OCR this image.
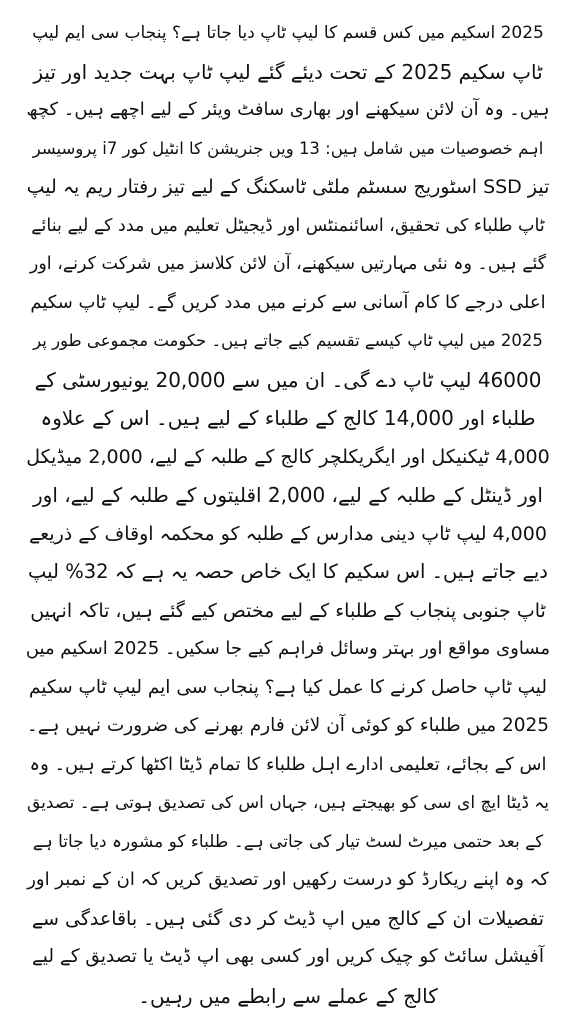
2025 اسکیم میں کس قسم کا لیپ ٹاپ دیا جاتا ہے؟ پنجاب سی ایم لیپ
ٹاپ سکیم 2025 کے تحت دیئے گئے لیپ ٹاپ بہت جدید اور تیز
ہیں۔ وہ آن لائن سیکھنے اور بھاری سافٹ ویئر کے لیے اچھے ہیں۔ کچھ
اہم خصوصیات میں شامل ہیں: 13 ویں جنریشن کا انٹیل کور i7 پروسیسر
تیز SSD اسٹوریج سسٹم ملٹی ٹاسکنگ کے لیے تیز رفتار ریم یہ لیپ
ٹاپ طلباء کی تحقیق، اسائنمنٹس اور ڈیجیٹل تعلیم میں مدد کے لیے بنائے
گئے ہیں۔ وہ نئی مہارتیں سیکھنے، آن لائن کلاسز میں شرکت کرنے، اور
اعلی درجے کا کام آسانی سے کرنے میں مدد کریں گے۔ لیپ ٹاپ سکیم
2025 میں لیپ ٹاپ کیسے تقسیم کیے جاتے ہیں۔ حکومت مجموعی طور پر
46000 لیپ ٹاپ دے گی۔ ان میں سے 20,000 یونیورسٹی کے
طلباء اور 14,000 کالج کے طلباء کے لیے ہیں۔ اس کے علاوہ
4,000 ٹیکنیکل اور ایگریکلچر کالج کے طلبہ کے لیے، 2,000 میڈیکل
اور ڈینٹل کے طلبہ کے لیے، 2,000 اقلیتوں کے طلبہ کے لیے، اور
4,000 لیپ ٹاپ دینی مدارس کے طلبہ کو محکمہ اوقاف کے ذریعے
دیے جاتے ہیں۔ اس سکیم کا ایک خاص حصہ یہ ہے کہ 32% لیپ
ٹاپ جنوبی پنجاب کے طلباء کے لیے مختص کیے گئے ہیں، تاکہ انہیں
مساوی مواقع اور بہتر وسائل فراہم کیے جا سکیں۔ 2025 اسکیم میں
لیپ ٹاپ حاصل کرنے کا عمل کیا ہے؟ پنجاب سی ایم لیپ ٹاپ سکیم
2025 میں طلباء کو کوئی آن لائن فارم بھرنے کی ضرورت نہیں ہے۔
اس کے بجائے، تعلیمی ادارے اہل طلباء کا تمام ڈیٹا اکٹھا کرتے ہیں۔ وہ
یہ ڈیٹا ایچ ای سی کو بھیجتے ہیں، جہاں اس کی تصدیق ہوتی ہے۔ تصدیق
کے بعد حتمی میرٹ لسٹ تیار کی جاتی ہے۔ طلباء کو مشورہ دیا جاتا ہے
کہ وہ اپنے ریکارڈ کو درست رکھیں اور تصدیق کریں کہ ان کے نمبر اور
تفصیلات ان کے کالج میں اپ ڈیٹ کر دی گئی ہیں۔ باقاعدگی سے
آفیشل سائٹ کو چیک کریں اور کسی بھی اپ ڈیٹ یا تصدیق کے لیے
کالج کے عملے سے رابطے میں رہیں۔
